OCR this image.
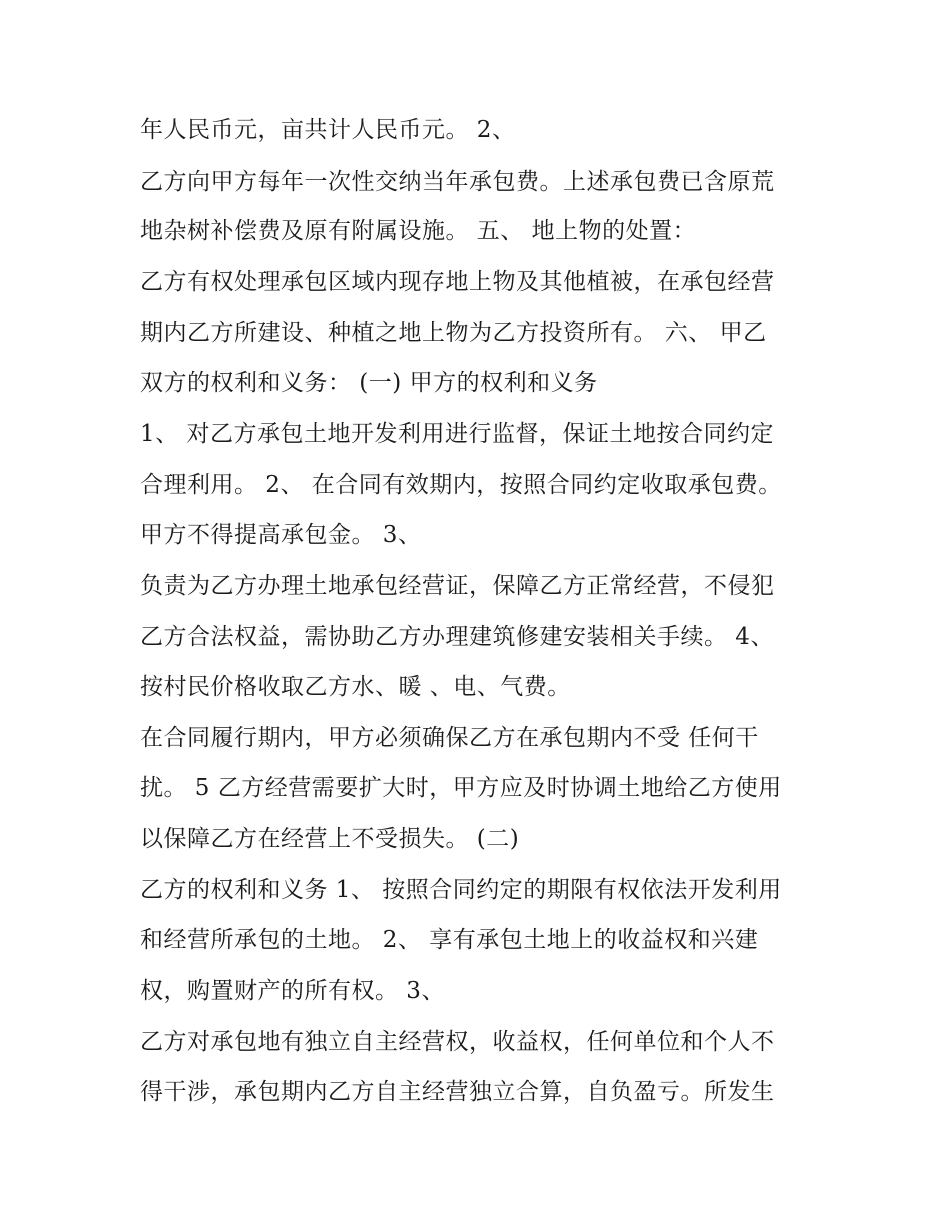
年人民币元，亩共计人民币元。 2、
乙方向甲方每年一次性交纳当年承包费。上述承包费已含原荒
地杂树补偿费及原有附属设施。 五、 地上物的处置：
乙方有权处理承包区域内现存地上物及其他植被，在承包经营
期内乙方所建设、种植之地上物为乙方投资所有。 六、 甲乙
双方的权利和义务： (一) 甲方的权利和义务
1、 对乙方承包土地开发利用进行监督，保证土地按合同约定
合理利用。 2、 在合同有效期内，按照合同约定收取承包费。
甲方不得提高承包金。 3、
负责为乙方办理土地承包经营证，保障乙方正常经营，不侵犯
乙方合法权益，需协助乙方办理建筑修建安装相关手续。 4、
按村民价格收取乙方水、暖 、电、气费。
在合同履行期内，甲方必须确保乙方在承包期内不受 任何干
扰。 5 乙方经营需要扩大时，甲方应及时协调土地给乙方使用
以保障乙方在经营上不受损失。 (二)
乙方的权利和义务 1、 按照合同约定的期限有权依法开发利用
和经营所承包的土地。 2、 享有承包土地上的收益权和兴建
权，购置财产的所有权。 3、
乙方对承包地有独立自主经营权，收益权，任何单位和个人不
得干涉，承包期内乙方自主经营独立合算，自负盈亏。所发生
